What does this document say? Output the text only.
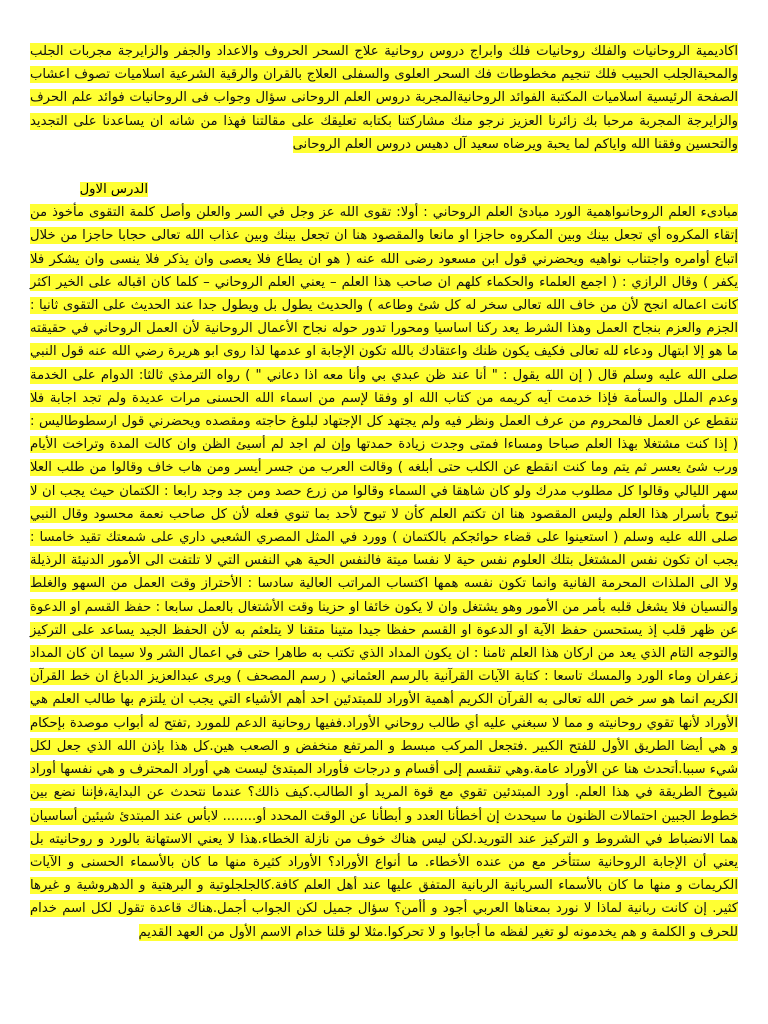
اكاديمية الروحانيات والفلك روحانيات فلك وابراج دروس روحانية علاج السحر الحروف والاعداد والجفر والزايرجة مجربات الجلب والمحبةالجلب الحبيب فلك تنجيم مخطوطات فك السحر العلوى والسفلى العلاج بالقران والرقية الشرعية اسلاميات تصوف اعشاب الصفحة الرئيسية اسلاميات المكتبة الفوائد الروحانيةالمجربة دروس العلم الروحانى سؤال وجواب فى الروحانيات فوائد علم الحرف والزايرجة المجربة مرحبا بك زائرنا العزيز نرجو منك مشاركتنا بكتابه تعليقك على مقالتنا فهذا من شانه ان يساعدنا على التجديد والتحسين وفقنا الله واياكم لما يحبة ويرضاه سعيد آل دهيس دروس العلم الروحانى

الدرس الاول

مبادىء العلم الروحانىواهمية الورد مبادئ العلم الروحاني : أولا: تقوى الله عز وجل في السر والعلن وأصل كلمة التقوى مأخوذ من إتقاء المكروه أي تجعل بينك وبين المكروه حاجزا او مانعا والمقصود هنا ان تجعل بينك وبين عذاب الله تعالى حجابا حاجزا من خلال اتباع أوامره واجتناب نواهيه ويحضرني قول ابن مسعود رضى الله عنه ( هو ان يطاع فلا يعصى وان يذكر فلا ينسى وان يشكر فلا يكفر ) وقال الرازي : ( اجمع العلماء والحكماء كلهم ان صاحب هذا العلم – يعني العلم الروحاني – كلما كان اقباله على الخير اكثر كانت اعماله انجح لأن من خاف الله تعالى سخر له كل شئ وطاعه ) والحديث يطول بل ويطول جدا عند الحديث على التقوى ثانيا : الجزم والعزم بنجاح العمل وهذا الشرط يعد ركنا اساسيا ومحورا تدور حوله نجاح الأعمال الروحانية لأن العمل الروحاني في حقيقته ما هو إلا ابتهال ودعاء لله تعالى فكيف يكون ظنك واعتقادك بالله تكون الإجابة او عدمها لذا روى ابو هريرة رضي الله عنه قول النبي صلى الله عليه وسلم قال ( إن الله يقول : " أنا عند ظن عبدي بي وأنا معه اذا دعاني " ) رواه الترمذي ثالثا: الدوام على الخدمة وعدم الملل والسأمة فإذا خدمت آيه كريمه من كتاب الله او وفقا لإسم من اسماء الله الحسنى مرات عديدة ولم تجد اجابة فلا تنقطع عن العمل فالمحروم من عرف العمل ونظر فيه ولم يجتهد كل الإجتهاد لبلوغ حاجته ومقصده ويحضرني قول ارسطوطاليس : ( إذا كنت مشتغلا بهذا العلم صباحا ومساءا فمتى وجدت زيادة حمدتها وإن لم اجد لم أسيئ الظن وان كالت المدة وتراخت الأيام ورب شئ يعسر ثم يتم وما كنت انقطع عن الكلب حتى أبلغه ) وقالت العرب من جسر أيسر ومن هاب خاف وقالوا من طلب العلا سهر الليالي وقالوا كل مطلوب مدرك ولو كان شاهقا في السماء وقالوا من زرع حصد ومن جد وجد رابعا : الكتمان حيث يجب ان لا تبوح بأسرار هذا العلم وليس المقصود هنا ان تكتم العلم كأن لا تبوح لأحد بما تنوي فعله لأن كل صاحب نعمة محسود وقال النبي صلى الله عليه وسلم ( استعينوا على قضاء حوائجكم بالكتمان ) وورد في المثل المصري الشعبي داري على شمعتك تقيد خامسا : يجب ان تكون نفس المشتغل بتلك العلوم نفس حية لا نفسا ميتة فالنفس الحية هي النفس التي لا تلتفت الى الأمور الدنيئة الرذيلة ولا الى الملذات المحرمة الفانية وانما تكون نفسه همها اكتساب المراتب العالية سادسا : الأحتراز وقت العمل من السهو والغلط والنسيان فلا يشغل قلبه بأمر من الأمور وهو يشتغل وان لا يكون خائفا او حزينا وقت الأشتغال بالعمل سابعا : حفظ القسم او الدعوة عن ظهر قلب إذ يستحسن حفظ الآية او الدعوة او القسم حفظا جيدا متينا متقنا لا يتلعثم به لأن الحفظ الجيد يساعد على التركيز والتوجه التام الذي يعد من اركان هذا العلم ثامنا : ان يكون المداد الذي تكتب به طاهرا حتى في اعمال الشر ولا سيما ان كان المداد زعفران وماء الورد والمسك تاسعا : كتابة الآيات القرآنية بالرسم العثماني ( رسم المصحف ) ويرى عبدالعزيز الدباغ ان خط القرآن الكريم انما هو سر خص الله تعالى به القرآن الكريم أهمية الأوراد للمبتدئين احد أهم الأشياء التي يجب ان يلتزم بها طالب العلم هي الأوراد لأنها تقوي روحانيته و مما لا سبغني عليه أي طالب روحاني الأوراد.ففيها روحانية الدعم للمورد ,تفتح له أبواب موصدة بإحكام و هي أيضا الطريق الأول للفتح الكبير .فتجعل المركب مبسط و المرتفع منخفض و الصعب هين.كل هذا بإذن الله الذي جعل لكل شيء سببا.أتحدث هنا عن الأوراد عامة.وهي تنقسم إلى أقسام و درجات فأوراد المبتدئ ليست هي أوراد المحترف و هي نفسها أوراد شيوخ الطريقة في هذا العلم. أورد المبتدئين تقوي مع قوة المريد أو الطالب.كيف ذالك؟ عندما نتحدث عن البداية،فإننا نضع بين خطوط الجبين احتمالات الظنون ما سيحدث إن أخطأنا العدد و أبطأنا عن الوقت المحدد أو........ لابأس عند المبتدئ شيئين أساسيان هما الانضباط في الشروط و التركيز عند التوريد.لكن ليس هناك خوف من نازلة الخطاء.هذا لا يعني الاستهانة بالورد و روحانيته بل يعني أن الإجابة الروحانية ستتأخر مع من عنده الأخطاء. ما أنواع الأوراد؟ الأوراد كثيرة منها ما كان بالأسماء الحسنى و الآيات الكريمات و منها ما كان بالأسماء السريانية الربانية المتفق عليها عند أهل العلم كافة.كالجلجلوتية و البرهتية و الدهروشية و غيرها كثير. إن كانت ربانية لماذا لا نورد بمعناها العربي أجود و أأمن؟ سؤال جميل لكن الجواب أجمل.هناك قاعدة تقول لكل اسم خدام للحرف و الكلمة و هم يخدمونه لو تغير لفظه ما أجابوا و لا تحركوا.مثلا لو قلنا خدام الاسم الأول من العهد القديم
